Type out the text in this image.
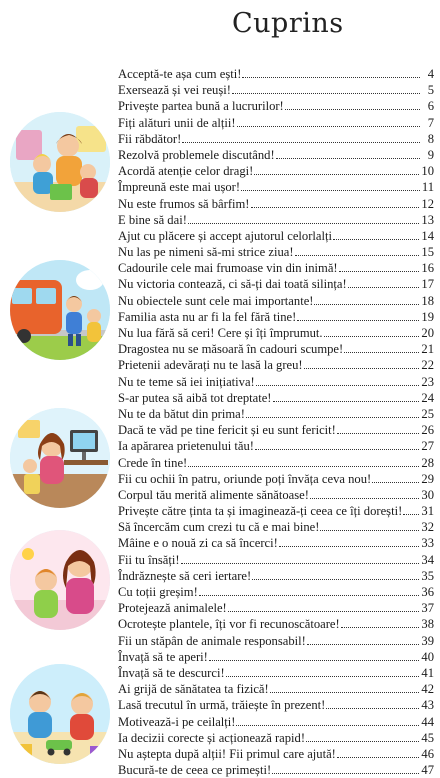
Cuprins
Acceptă-te așa cum ești!	4
Exersează și vei reuși!	5
Privește partea bună a lucrurilor!	6
Fiți alături unii de alții!	7
Fii răbdător!	8
Rezolvă problemele discutând!	9
Acordă atenție celor dragi!	10
Împreună este mai ușor!	11
Nu este frumos să bârfim!	12
E bine să dai!	13
Ajut cu plăcere și accept ajutorul celorlalți	14
Nu las pe nimeni să-mi strice ziua!	15
Cadourile cele mai frumoase vin din inimă!	16
Nu victoria contează, ci să-ți dai toată silința!	17
Nu obiectele sunt cele mai importante!	18
Familia asta nu ar fi la fel fără tine!	19
Nu lua fără să ceri! Cere și îți împrumut.	20
Dragostea nu se măsoară în cadouri scumpe!	21
Prietenii adevărați nu te lasă la greu!	22
Nu te teme să iei inițiativa!	23
S-ar putea să aibă tot dreptate!	24
Nu te da bătut din prima!	25
Dacă te văd pe tine fericit și eu sunt fericit!	26
Ia apărarea prietenului tău!	27
Crede în tine!	28
Fii cu ochii în patru, oriunde poți învăța ceva nou!	29
Corpul tău merită alimente sănătoase!	30
Privește către ținta ta și imaginează-ți ceea ce îți dorești! 31
Să încercăm cum crezi tu că e mai bine!	32
Mâine e o nouă zi ca să încerci!	33
Fii tu însăți!	34
Îndrăznește să ceri iertare!	35
Cu toții greșim!	36
Protejează animalele!	37
Ocrotește plantele, îți vor fi recunoscătoare!	38
Fii un stăpân de animale responsabil!	39
Învață să te aperi!	40
Învață să te descurci!	41
Ai grijă de sănătatea ta fizică!	42
Lasă trecutul în urmă, trăiește în prezent!	43
Motivează-i pe ceilalți!	44
Ia decizii corecte și acționează rapid!	45
Nu aștepta după alții! Fii primul care ajută!	46
Bucură-te de ceea ce primești!	47
